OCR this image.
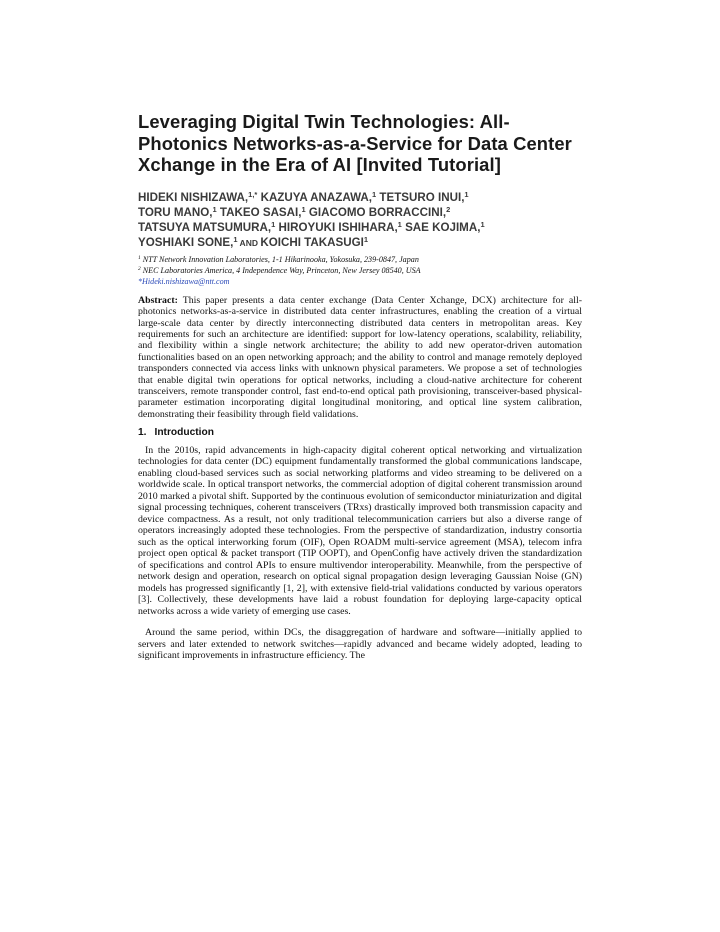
Leveraging Digital Twin Technologies: All-Photonics Networks-as-a-Service for Data Center Xchange in the Era of AI [Invited Tutorial]
HIDEKI NISHIZAWA,$^{1,*}$ KAZUYA ANAZAWA,$^1$ TETSURO INUI,$^1$
TORU MANO,$^1$ TAKEO SASAI,$^1$ GIACOMO BORRACCINI,$^2$
TATSUYA MATSUMURA,$^1$ HIROYUKI ISHIHARA,$^1$ SAE KOJIMA,$^1$
YOSHIAKI SONE,$^1$ AND KOICHI TAKASUGI$^1$
$^1$ NTT Network Innovation Laboratories, 1-1 Hikarinooka, Yokosuka, 239-0847, Japan
$^2$ NEC Laboratories America, 4 Independence Way, Princeton, New Jersey 08540, USA
*Hideki.nishizawa@ntt.com

Abstract: This paper presents a data center exchange (Data Center Xchange, DCX) architecture for all-photonics networks-as-a-service in distributed data center infrastructures, enabling the creation of a virtual large-scale data center by directly interconnecting distributed data centers in metropolitan areas. Key requirements for such an architecture are identified: support for low-latency operations, scalability, reliability, and flexibility within a single network architecture; the ability to add new operator-driven automation functionalities based on an open networking approach; and the ability to control and manage remotely deployed transponders connected via access links with unknown physical parameters. We propose a set of technologies that enable digital twin operations for optical networks, including a cloud-native architecture for coherent transceivers, remote transponder control, fast end-to-end optical path provisioning, transceiver-based physical-parameter estimation incorporating digital longitudinal monitoring, and optical line system calibration, demonstrating their feasibility through field validations.

1. Introduction

In the 2010s, rapid advancements in high-capacity digital coherent optical networking and virtualization technologies for data center (DC) equipment fundamentally transformed the global communications landscape, enabling cloud-based services such as social networking platforms and video streaming to be delivered on a worldwide scale. In optical transport networks, the commercial adoption of digital coherent transmission around 2010 marked a pivotal shift. Supported by the continuous evolution of semiconductor miniaturization and digital signal processing techniques, coherent transceivers (TRxs) drastically improved both transmission capacity and device compactness. As a result, not only traditional telecommunication carriers but also a diverse range of operators increasingly adopted these technologies. From the perspective of standardization, industry consortia such as the optical interworking forum (OIF), Open ROADM multi-service agreement (MSA), telecom infra project open optical & packet transport (TIP OOPT), and OpenConfig have actively driven the standardization of specifications and control APIs to ensure multivendor interoperability. Meanwhile, from the perspective of network design and operation, research on optical signal propagation design leveraging Gaussian Noise (GN) models has progressed significantly [1, 2], with extensive field-trial validations conducted by various operators [3]. Collectively, these developments have laid a robust foundation for deploying large-capacity optical networks across a wide variety of emerging use cases.

Around the same period, within DCs, the disaggregation of hardware and software—initially applied to servers and later extended to network switches—rapidly advanced and became widely adopted, leading to significant improvements in infrastructure efficiency. The
